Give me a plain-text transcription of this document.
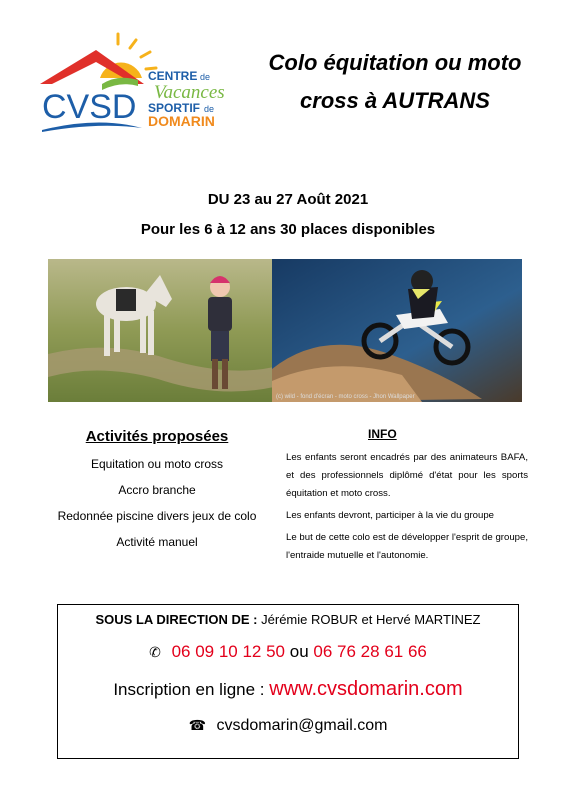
CVSD
CENTRE de
Vacances
SPORTIF de
DOMARIN
Colo équitation ou moto
cross à AUTRANS
DU 23 au 27 Août 2021
Pour les 6 à 12 ans 30 places disponibles
(c) wild - fond d'écran - moto cross - Jhon Wallpaper
Activités proposées
Equitation ou moto cross
Accro branche
Redonnée piscine divers jeux de colo
Activité manuel
INFO

Les enfants seront encadrés par des animateurs BAFA, et des professionnels diplômé d'état pour les sports équitation et moto cross.

Les enfants devront, participer à la vie du groupe

Le but de cette colo est de développer l'esprit de groupe, l'entraide mutuelle et l'autonomie.

SOUS LA DIRECTION DE : Jérémie ROBUR et Hervé MARTINEZ
✆ 06 09 10 12 50 ou 06 76 28 61 66
Inscription en ligne : www.cvsdomarin.com
☎ cvsdomarin@gmail.com
